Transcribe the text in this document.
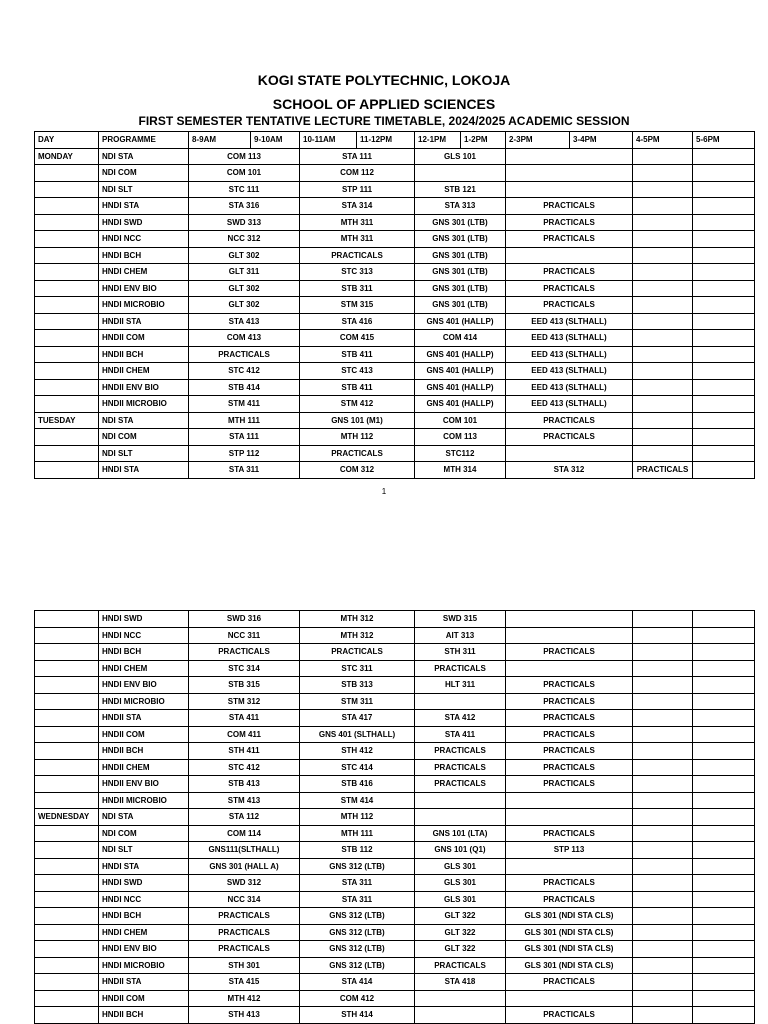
KOGI STATE POLYTECHNIC, LOKOJA
SCHOOL OF APPLIED SCIENCES
FIRST SEMESTER TENTATIVE LECTURE TIMETABLE, 2024/2025 ACADEMIC SESSION
DAY	PROGRAMME	8-9AM	9-10AM	10-11AM	11-12PM	12-1PM	1-2PM	2-3PM	3-4PM	4-5PM	5-6PM
MONDAY	NDI STA	COM 113		STA 111		GLS 101					
	NDI COM	COM 101		COM 112							
	NDI SLT	STC 111		STP 111		STB 121					
	HNDI STA	STA 316		STA 314		STA 313		PRACTICALS			
	HNDI SWD	SWD 313		MTH 311		GNS 301 (LTB)		PRACTICALS			
	HNDI NCC	NCC 312		MTH 311		GNS 301 (LTB)		PRACTICALS			
	HNDI BCH	GLT 302		PRACTICALS		GNS 301 (LTB)					
	HNDI CHEM	GLT 311		STC 313		GNS 301 (LTB)		PRACTICALS			
	HNDI ENV BIO	GLT 302		STB 311		GNS 301 (LTB)		PRACTICALS			
	HNDI MICROBIO	GLT 302		STM 315		GNS 301 (LTB)		PRACTICALS			
	HNDII STA	STA 413		STA 416		GNS 401 (HALLP)		EED 413 (SLTHALL)			
	HNDII COM	COM 413		COM 415		COM 414		EED 413 (SLTHALL)			
	HNDII BCH	PRACTICALS		STB 411		GNS 401 (HALLP)		EED 413 (SLTHALL)			
	HNDII CHEM	STC 412		STC 413		GNS 401 (HALLP)		EED 413 (SLTHALL)			
	HNDII ENV BIO	STB 414		STB 411		GNS 401 (HALLP)		EED 413 (SLTHALL)			
	HNDII MICROBIO	STM 411		STM 412		GNS 401 (HALLP)		EED 413 (SLTHALL)			
TUESDAY	NDI STA	MTH 111		GNS 101 (M1)		COM 101		PRACTICALS			
	NDI COM	STA 111		MTH 112		COM 113		PRACTICALS			
	NDI SLT	STP 112		PRACTICALS		STC112					
	HNDI STA	STA 311		COM 312		MTH 314		STA 312		PRACTICALS	
1
	HNDI SWD	SWD 316	MTH 312	SWD 315			
	HNDI NCC	NCC 311	MTH 312	AIT 313			
	HNDI BCH	PRACTICALS	PRACTICALS	STH 311	PRACTICALS		
	HNDI CHEM	STC 314	STC 311	PRACTICALS			
	HNDI ENV BIO	STB 315	STB 313	HLT 311	PRACTICALS		
	HNDI MICROBIO	STM 312	STM 311		PRACTICALS		
	HNDII STA	STA 411	STA 417	STA 412	PRACTICALS		
	HNDII COM	COM 411	GNS 401 (SLTHALL)	STA 411	PRACTICALS		
	HNDII BCH	STH 411	STH 412	PRACTICALS	PRACTICALS		
	HNDII CHEM	STC 412	STC 414	PRACTICALS	PRACTICALS		
	HNDII ENV BIO	STB 413	STB 416	PRACTICALS	PRACTICALS		
	HNDII MICROBIO	STM 413	STM 414				
WEDNESDAY	NDI STA	STA 112	MTH 112				
	NDI COM	COM 114	MTH 111	GNS 101 (LTA)	PRACTICALS		
	NDI SLT	GNS111(SLTHALL)	STB 112	GNS 101 (Q1)	STP 113		
	HNDI STA	GNS 301 (HALL A)	GNS 312 (LTB)	GLS 301			
	HNDI SWD	SWD 312	STA 311	GLS 301	PRACTICALS		
	HNDI NCC	NCC 314	STA 311	GLS 301	PRACTICALS		
	HNDI BCH	PRACTICALS	GNS 312 (LTB)	GLT 322	GLS 301 (NDI STA CLS)		
	HNDI CHEM	PRACTICALS	GNS 312 (LTB)	GLT 322	GLS 301 (NDI STA CLS)		
	HNDI ENV BIO	PRACTICALS	GNS 312 (LTB)	GLT 322	GLS 301 (NDI STA CLS)		
	HNDI MICROBIO	STH 301	GNS 312 (LTB)	PRACTICALS	GLS 301 (NDI STA CLS)		
	HNDII STA	STA 415	STA 414	STA 418	PRACTICALS		
	HNDII COM	MTH 412	COM 412				
	HNDII BCH	STH 413	STH 414		PRACTICALS		
